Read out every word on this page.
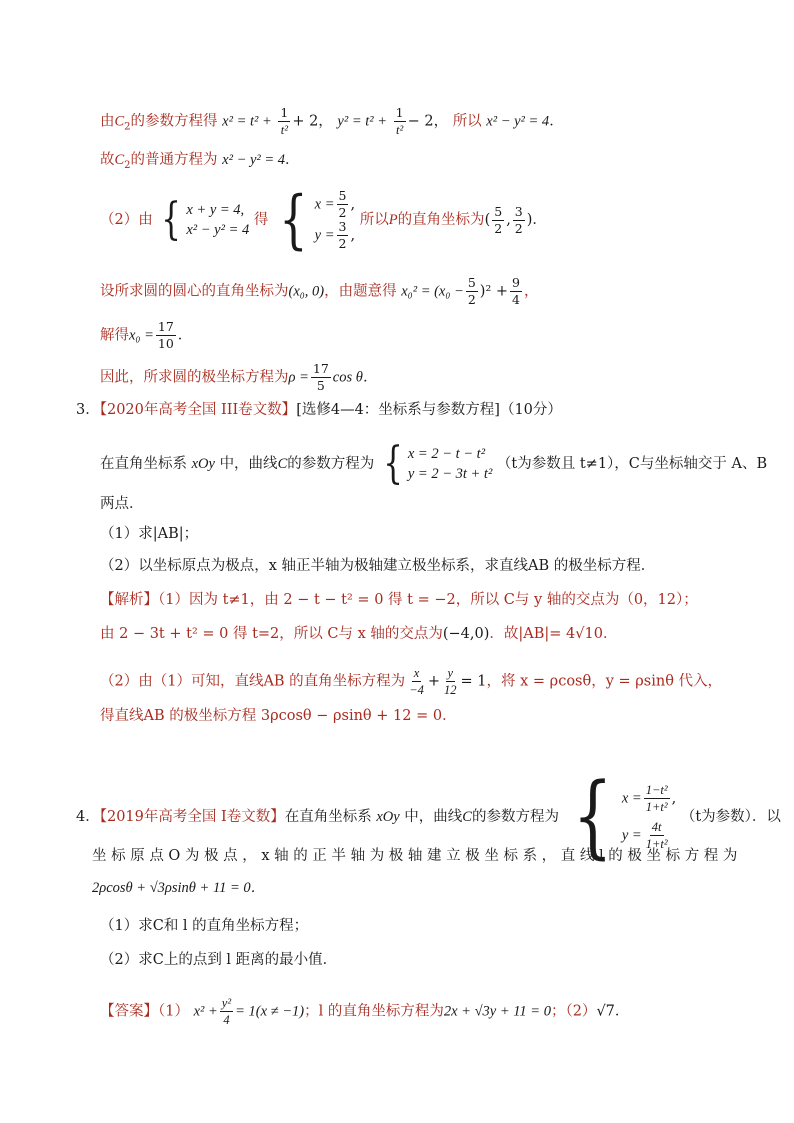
由$C_2$的参数方程得 $x^2 = t^2 + \frac{1}{\text{t²}} + 2$， $y^2 = t^2 + \frac{1}{\text{t²}} - 2$， 所以 x² − y² = 4．
故$C_2$的普通方程为 x² − y² = 4．
（2）由 { x + y = 4,
x² − y² = 4
得 { $x = \frac{5}{2}$ ,
$y = \frac{3}{2}$ ,
所以P的直角坐标为( $\frac{5}{2}$ , $\frac{3}{2}$ )．
设所求圆的圆心的直角坐标为(x₀, 0)，由题意得 $x_0^2 = (x_0 - \frac{5}{2} )^2 + \frac{9}{4}$ ，
解得$x_0 = \frac{17}{10}$ ．
因此，所求圆的极坐标方程为$\rho = \frac{17}{5}$ cos θ．
3．【2020年高考全国 III卷文数】[选修4—4：坐标系与参数方程]（10分）
在直角坐标系 xOy 中，曲线C的参数方程为 { x = 2 − t − t²
y = 2 − 3t + t²
（t为参数且 t≠1），C与坐标轴交于 A、B
两点．
（1）求|AB|；
（2）以坐标原点为极点，x 轴正半轴为极轴建立极坐标系，求直线AB 的极坐标方程．
【解析】（1）因为 t≠1，由 2 − t − t² = 0 得 t = −2，所以 C与 y 轴的交点为（0，12）；
由 2 − 3t + t² = 0 得 t=2，所以 C与 x 轴的交点为(−4,0)．故|AB|= 4√10．
（2）由（1）可知，直线AB 的直角坐标方程为 $\frac{x}{-4} + \frac{y}{12} = 1$，将 x = ρcosθ，y = ρsinθ 代入，
得直线AB 的极坐标方程 3ρcosθ − ρsinθ + 12 = 0．
4．【2019年高考全国 I卷文数】在直角坐标系 xOy 中，曲线C的参数方程为 { $x = \frac{\text{1−t²}}{\text{1+t²}}$ ,
$y = \frac{4t}{\text{1+t²}}$
（t为参数）．以
坐 标 原 点 O 为 极 点 ， x 轴 的 正 半 轴 为 极 轴 建 立 极 坐 标 系 ， 直 线 l 的 极 坐 标 方 程 为
2ρcosθ + √3ρsinθ + 11 = 0．
（1）求C和 l 的直角坐标方程；
（2）求C上的点到 l 距离的最小值．
【答案】（1） $x^2 + \frac{\text{y²}}{4} = 1(x \ne -1)$；l 的直角坐标方程为2x + √3y + 11 = 0；（2）√7．
